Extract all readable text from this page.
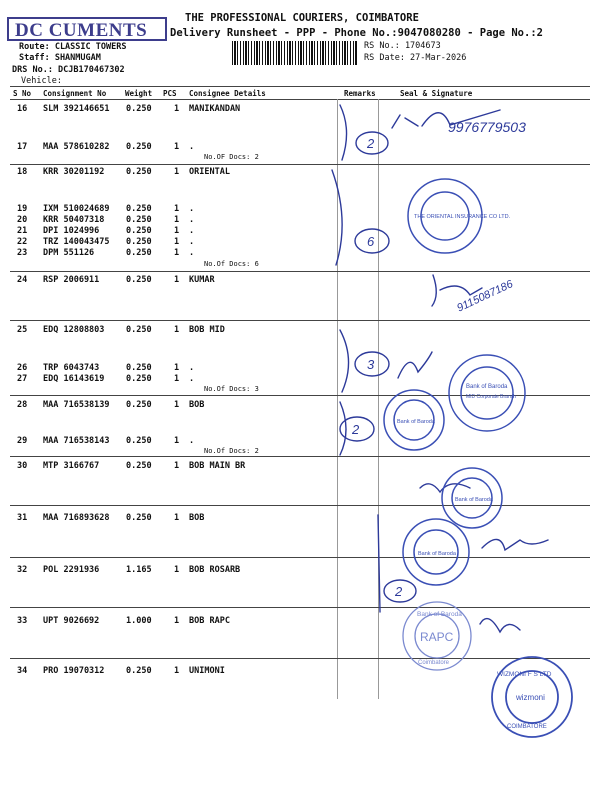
DC CUMENTS
THE PROFESSIONAL COURIERS, COIMBATORE
Delivery Runsheet - PPP - Phone No.:9047080280 - Page No.:2
Route: CLASSIC TOWERS
Staff: SHANMUGAM
DRS No.: DCJB170467302
Vehicle:
RS No.: 1704673
RS Date: 27-Mar-2026
S No Consignment No	Weight PCS Consignee Details	Remarks	Seal & Signature
16 SLM 392146651 0.250	1 MANIKANDAN
17 MAA 578610282 0.250	1 .
No.OF Docs: 2
18 KRR 30201192	0.250	1 ORIENTAL
19 IXM 510024689 0.250	1 .
20 KRR 50407318	0.250	1 .
21 DPI 1024996	0.250	1 .
22 TRZ 140043475 0.250	1 .
23 DPM 551126	0.250	1 .
No.Of Docs: 6
24 RSP 2006911	0.250	1 KUMAR
25 EDQ 12808803	0.250	1 BOB MID
26 TRP 6043743	0.250	1 .
27 EDQ 16143619	0.250	1 .
No.Of Docs: 3
28 MAA 716538139 0.250	1 BOB
29 MAA 716538143 0.250	1 .
No.Of Docs: 2
30 MTP 3166767	0.250	1 BOB MAIN BR
31 MAA 716893628 0.250	1 BOB
32 POL 2291936	1.165	1 BOB ROSARB
33 UPT 9026692	1.000	1 BOB RAPC
34 PRO 19070312	0.250	1 UNIMONI
9976779503
9115087186
2
6
3
2
2
THE ORIENTAL INSURANCE CO LTD.
Bank of Baroda
MID Corporate Branch
Bank of Baroda
Bank of Baroda
Bank of Baroda
Bank of Baroda
RAPC
Coimbatore
WIZMONI F S LTD
wizmoni
COIMBATORE
